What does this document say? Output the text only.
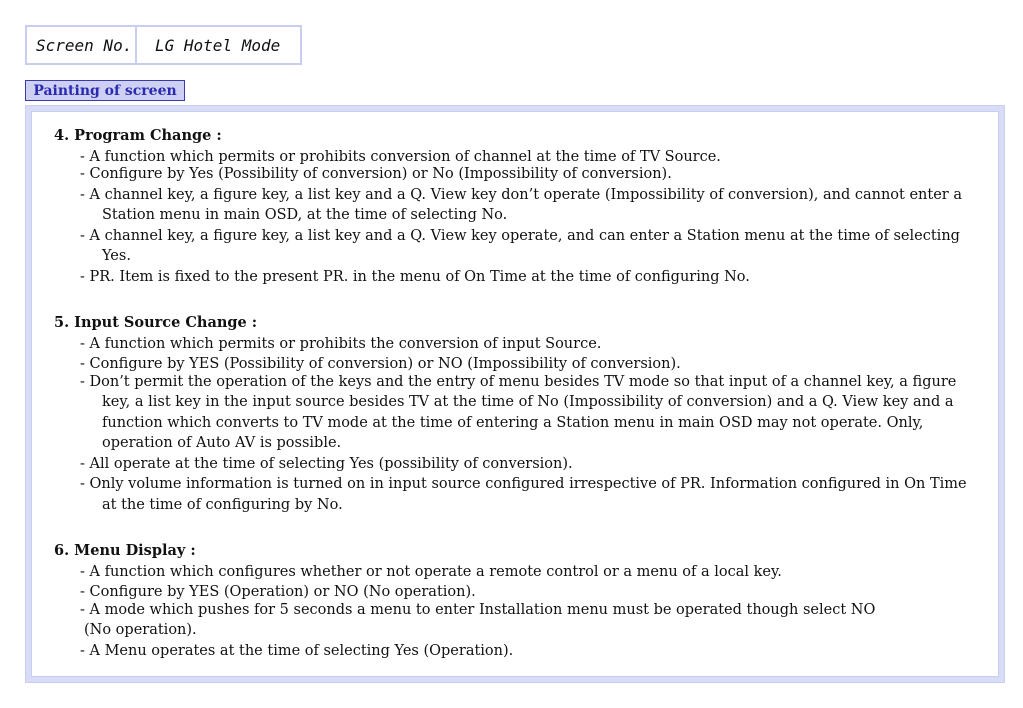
Screen No.	LG Hotel Mode
Painting of screen

4. Program Change :

- A function which permits or prohibits conversion of channel at the time of TV Source.

- Configure by Yes (Possibility of conversion) or No (Impossibility of conversion).

- A channel key, a figure key, a list key and a Q. View key don’t operate (Impossibility of conversion), and cannot enter a Station menu in main OSD, at the time of selecting No.

- A channel key, a figure key, a list key and a Q. View key operate, and can enter a Station menu at the time of selecting Yes.

- PR. Item is fixed to the present PR. in the menu of On Time at the time of configuring No.

5. Input Source Change :

- A function which permits or prohibits the conversion of input Source.

- Configure by YES (Possibility of conversion) or NO (Impossibility of conversion).

- Don’t permit the operation of the keys and the entry of menu besides TV mode so that input of a channel key, a figure key, a list key in the input source besides TV at the time of No (Impossibility of conversion) and a Q. View key and a function which converts to TV mode at the time of entering a Station menu in main OSD may not operate. Only, operation of Auto AV is possible.

- All operate at the time of selecting Yes (possibility of conversion).

- Only volume information is turned on in input source configured irrespective of PR. Information configured in On Time at the time of configuring by No.

6. Menu Display :

- A function which configures whether or not operate a remote control or a menu of a local key.

- Configure by YES (Operation) or NO (No operation).

- A mode which pushes for 5 seconds a menu to enter Installation menu must be operated though select NO

(No operation).

- A Menu operates at the time of selecting Yes (Operation).
